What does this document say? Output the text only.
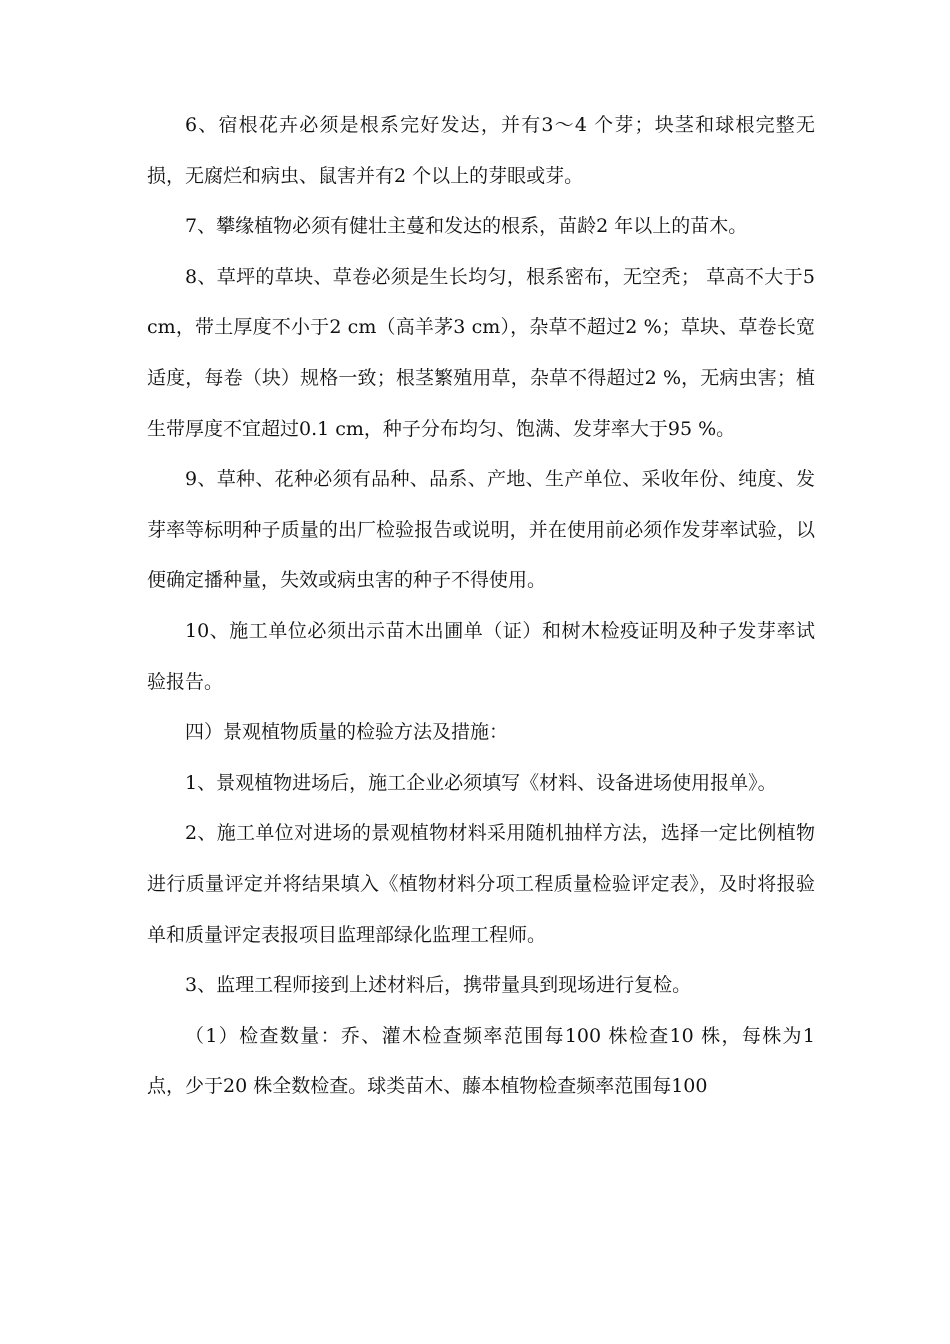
6、宿根花卉必须是根系完好发达，并有3～4 个芽；块茎和球根完整无损，无腐烂和病虫、鼠害并有2 个以上的芽眼或芽。

7、攀缘植物必须有健壮主蔓和发达的根系，苗龄2 年以上的苗木。

8、草坪的草块、草卷必须是生长均匀，根系密布，无空秃； 草高不大于5 cm，带土厚度不小于2 cm（高羊茅3 cm），杂草不超过2 %；草块、草卷长宽适度，每卷（块）规格一致；根茎繁殖用草，杂草不得超过2 %，无病虫害；植生带厚度不宜超过0.1 cm，种子分布均匀、饱满、发芽率大于95 %。

9、草种、花种必须有品种、品系、产地、生产单位、采收年份、纯度、发芽率等标明种子质量的出厂检验报告或说明，并在使用前必须作发芽率试验，以便确定播种量，失效或病虫害的种子不得使用。

10、施工单位必须出示苗木出圃单（证）和树木检疫证明及种子发芽率试验报告。

四）景观植物质量的检验方法及措施：

1、景观植物进场后，施工企业必须填写《材料、设备进场使用报单》。

2、施工单位对进场的景观植物材料采用随机抽样方法，选择一定比例植物进行质量评定并将结果填入《植物材料分项工程质量检验评定表》，及时将报验单和质量评定表报项目监理部绿化监理工程师。

3、监理工程师接到上述材料后，携带量具到现场进行复检。

（1）检查数量：乔、灌木检查频率范围每100 株检查10 株，每株为1 点，少于20 株全数检查。球类苗木、藤本植物检查频率范围每100
